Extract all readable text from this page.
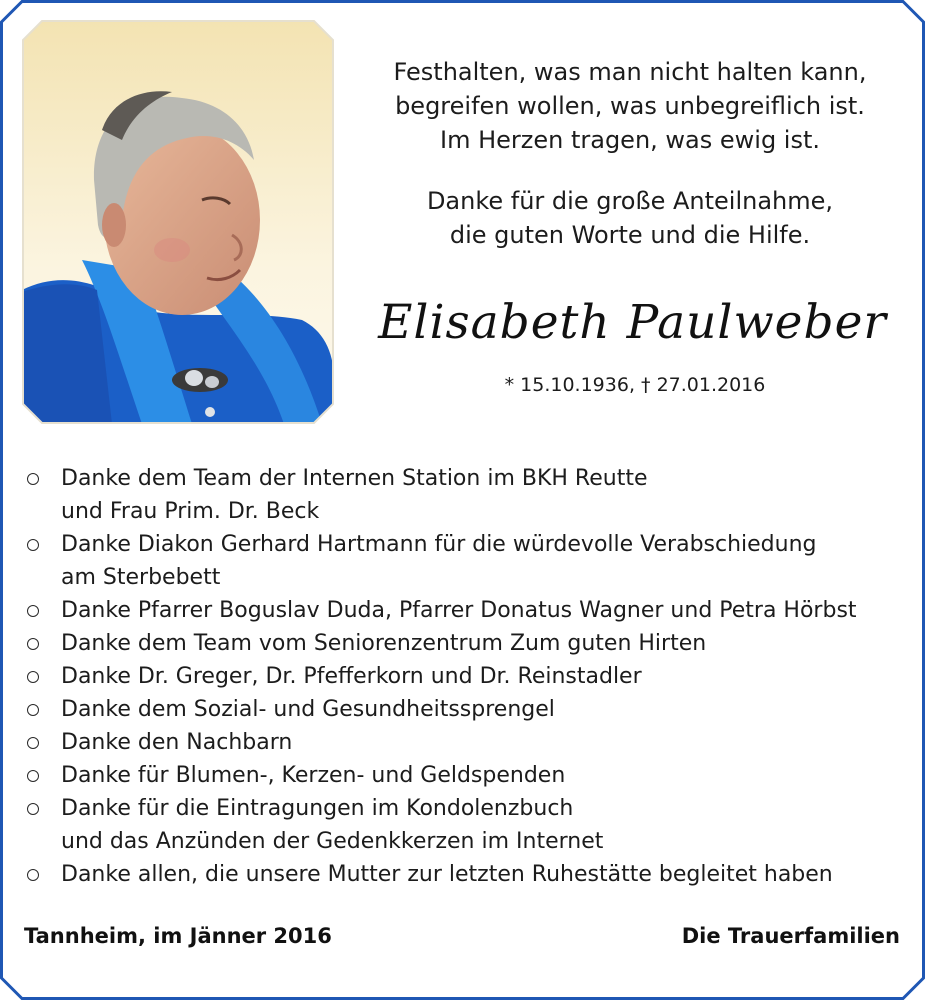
Festhalten, was man nicht halten kann,

begreifen wollen, was unbegreiflich ist.

Im Herzen tragen, was ewig ist.

Danke für die große Anteilnahme,

die guten Worte und die Hilfe.

Elisabeth Paulweber
* 15.10.1936, † 27.01.2016
Danke dem Team der Internen Station im BKH Reutte
und Frau Prim. Dr. Beck
Danke Diakon Gerhard Hartmann für die würdevolle Verabschiedung
am Sterbebett
Danke Pfarrer Boguslav Duda, Pfarrer Donatus Wagner und Petra Hörbst
Danke dem Team vom Seniorenzentrum Zum guten Hirten
Danke Dr. Greger, Dr. Pfefferkorn und Dr. Reinstadler
Danke dem Sozial- und Gesundheitssprengel
Danke den Nachbarn
Danke für Blumen-, Kerzen- und Geldspenden
Danke für die Eintragungen im Kondolenzbuch
und das Anzünden der Gedenkkerzen im Internet
Danke allen, die unsere Mutter zur letzten Ruhestätte begleitet haben
Tannheim, im Jänner 2016	Die Trauerfamilien
